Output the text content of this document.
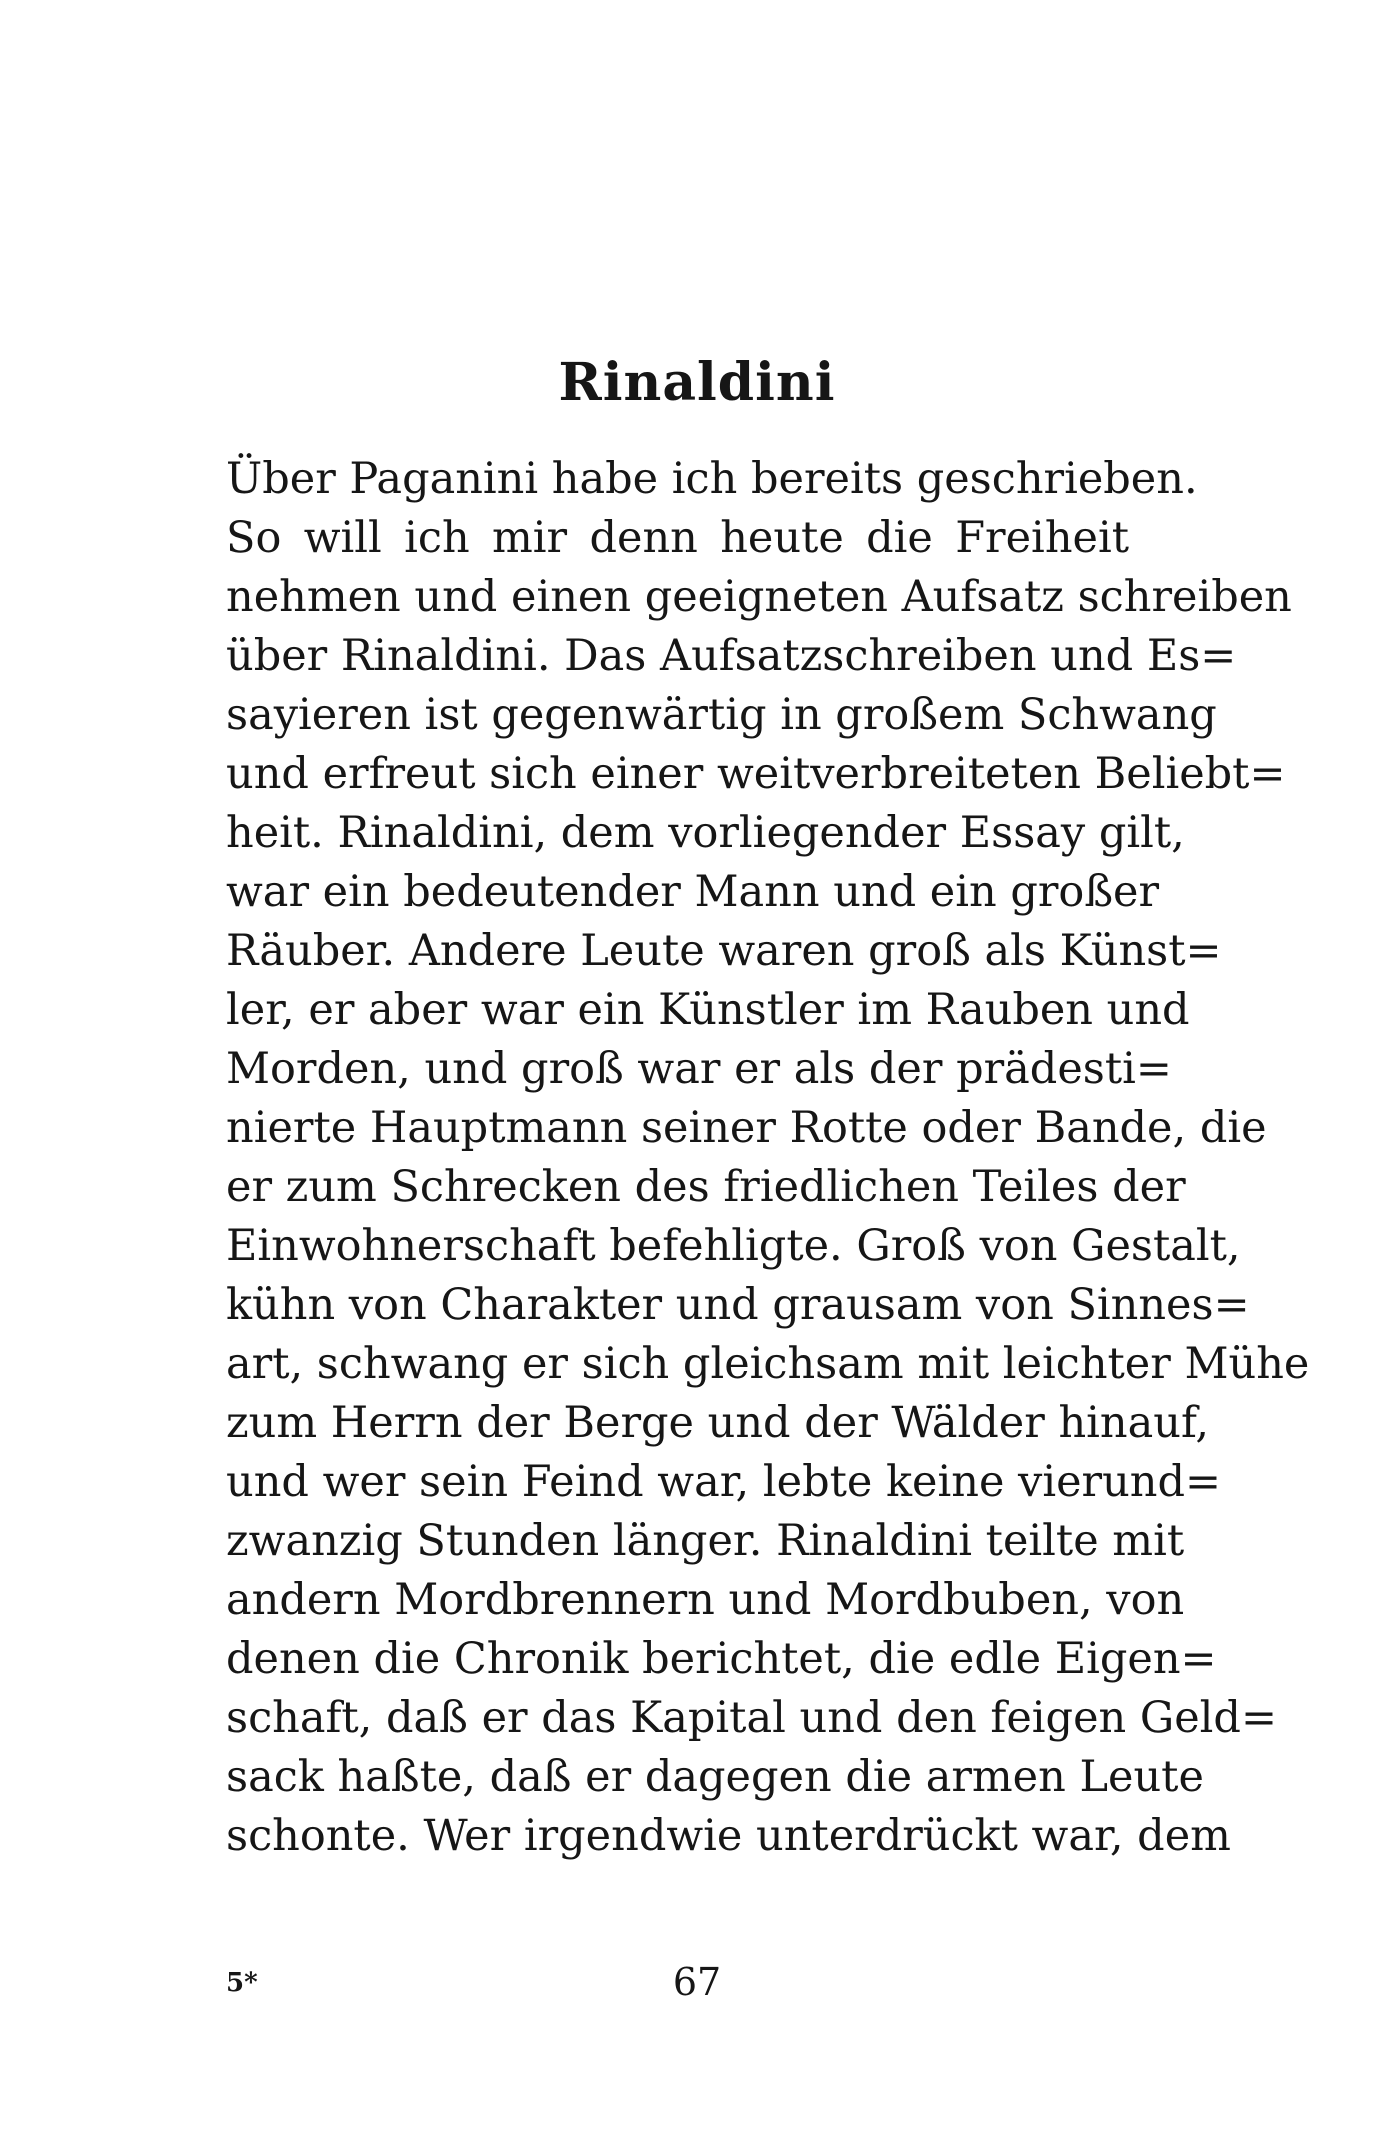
Rinaldini
Über Paganini habe ich bereits geschrieben.
So will ich mir denn heute die Freiheit
nehmen und einen geeigneten Aufsatz schreiben
über Rinaldini. Das Aufsatzschreiben und Es=
sayieren ist gegenwärtig in großem Schwang
und erfreut sich einer weitverbreiteten Beliebt=
heit. Rinaldini, dem vorliegender Essay gilt,
war ein bedeutender Mann und ein großer
Räuber. Andere Leute waren groß als Künst=
ler, er aber war ein Künstler im Rauben und
Morden, und groß war er als der prädesti=
nierte Hauptmann seiner Rotte oder Bande, die
er zum Schrecken des friedlichen Teiles der
Einwohnerschaft befehligte. Groß von Gestalt,
kühn von Charakter und grausam von Sinnes=
art, schwang er sich gleichsam mit leichter Mühe
zum Herrn der Berge und der Wälder hinauf,
und wer sein Feind war, lebte keine vierund=
zwanzig Stunden länger. Rinaldini teilte mit
andern Mordbrennern und Mordbuben, von
denen die Chronik berichtet, die edle Eigen=
schaft, daß er das Kapital und den feigen Geld=
sack haßte, daß er dagegen die armen Leute
schonte. Wer irgendwie unterdrückt war, dem
5*	67
